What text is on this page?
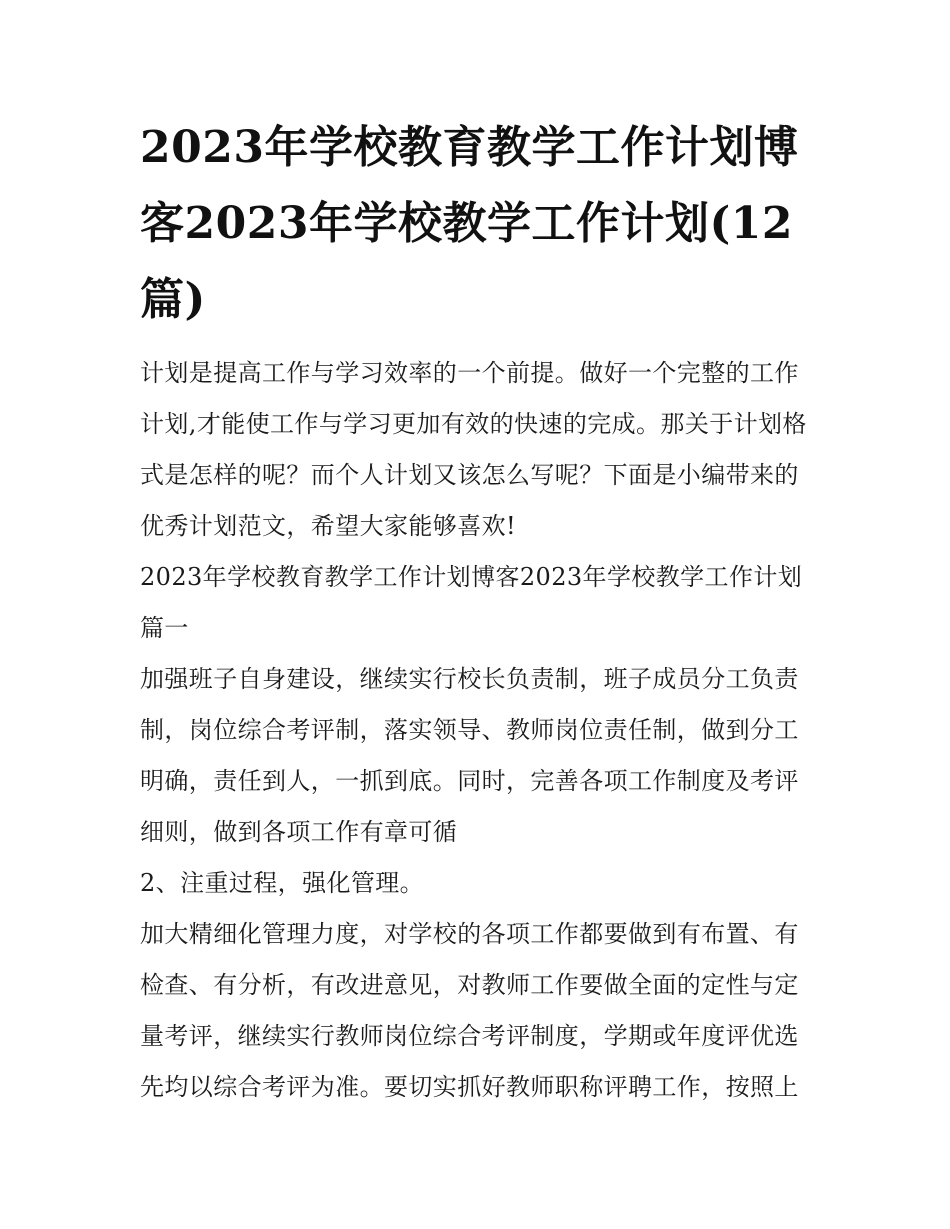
2023年学校教育教学工作计划博客2023年学校教学工作计划(12篇)

计划是提高工作与学习效率的一个前提。做好一个完整的工作计划,才能使工作与学习更加有效的快速的完成。那关于计划格式是怎样的呢？而个人计划又该怎么写呢？下面是小编带来的优秀计划范文，希望大家能够喜欢!

2023年学校教育教学工作计划博客2023年学校教学工作计划篇一

加强班子自身建设，继续实行校长负责制，班子成员分工负责制，岗位综合考评制，落实领导、教师岗位责任制，做到分工明确，责任到人，一抓到底。同时，完善各项工作制度及考评细则，做到各项工作有章可循

2、注重过程，强化管理。

加大精细化管理力度，对学校的各项工作都要做到有布置、有检查、有分析，有改进意见，对教师工作要做全面的定性与定量考评，继续实行教师岗位综合考评制度，学期或年度评优选先均以综合考评为准。要切实抓好教师职称评聘工作，按照上
